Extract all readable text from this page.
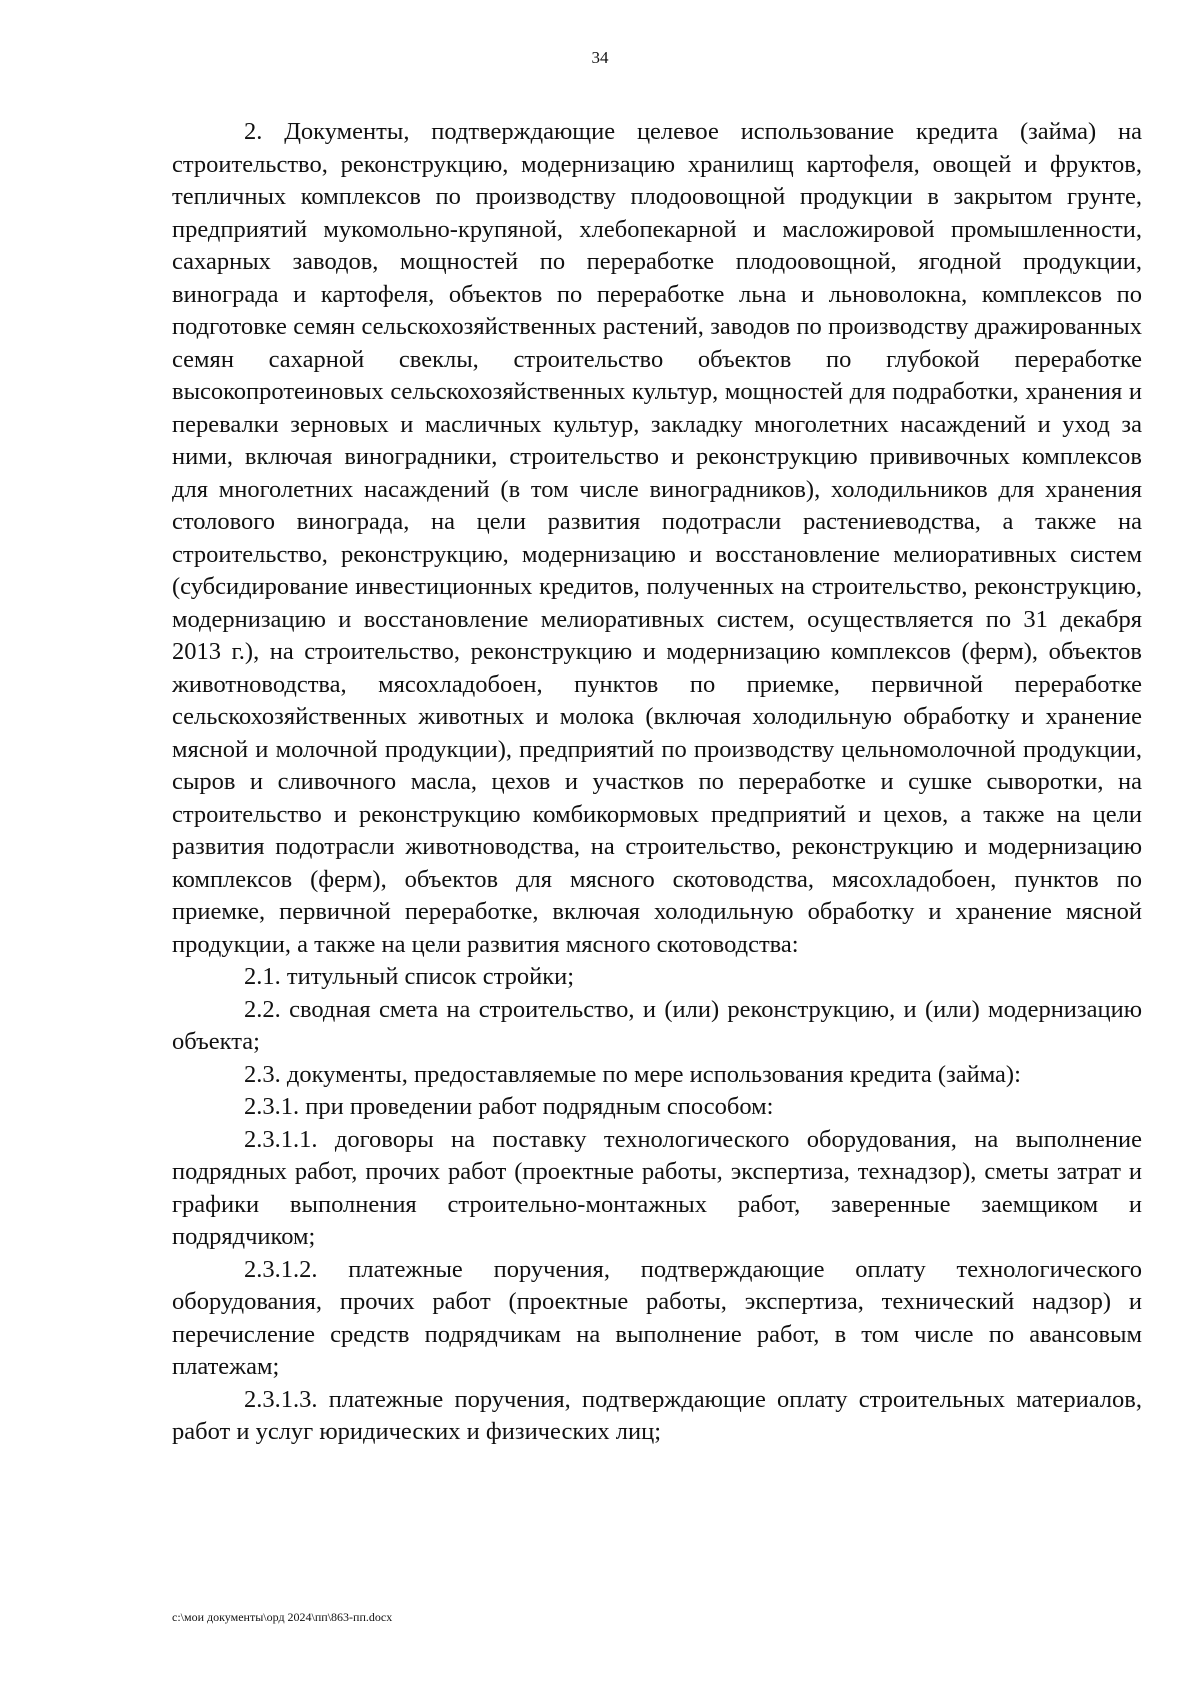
34

2. Документы, подтверждающие целевое использование кредита (займа) на строительство, реконструкцию, модернизацию хранилищ картофеля, овощей и фруктов, тепличных комплексов по производству плодоовощной продукции в закрытом грунте, предприятий мукомольно-крупяной, хлебопекарной и масложировой промышленности, сахарных заводов, мощностей по переработке плодоовощной, ягодной продукции, винограда и картофеля, объектов по переработке льна и льноволокна, комплексов по подготовке семян сельскохозяйственных растений, заводов по производству дражированных семян сахарной свеклы, строительство объектов по глубокой переработке высокопротеиновых сельскохозяйственных культур, мощностей для подработки, хранения и перевалки зерновых и масличных культур, закладку многолетних насаждений и уход за ними, включая виноградники, строительство и реконструкцию прививочных комплексов для многолетних насаждений (в том числе виноградников), холодильников для хранения столового винограда, на цели развития подотрасли растениеводства, а также на строительство, реконструкцию, модернизацию и восстановление мелиоративных систем (субсидирование инвестиционных кредитов, полученных на строительство, реконструкцию, модернизацию и восстановление мелиоративных систем, осуществляется по 31 декабря 2013 г.), на строительство, реконструкцию и модернизацию комплексов (ферм), объектов животноводства, мясохладобоен, пунктов по приемке, первичной переработке сельскохозяйственных животных и молока (включая холодильную обработку и хранение мясной и молочной продукции), предприятий по производству цельномолочной продукции, сыров и сливочного масла, цехов и участков по переработке и сушке сыворотки, на строительство и реконструкцию комбикормовых предприятий и цехов, а также на цели развития подотрасли животноводства, на строительство, реконструкцию и модернизацию комплексов (ферм), объектов для мясного скотоводства, мясохладобоен, пунктов по приемке, первичной переработке, включая холодильную обработку и хранение мясной продукции, а также на цели развития мясного скотоводства:

2.1. титульный список стройки;

2.2. сводная смета на строительство, и (или) реконструкцию, и (или) модернизацию объекта;

2.3. документы, предоставляемые по мере использования кредита (займа):

2.3.1. при проведении работ подрядным способом:

2.3.1.1. договоры на поставку технологического оборудования, на выполнение подрядных работ, прочих работ (проектные работы, экспертиза, технадзор), сметы затрат и графики выполнения строительно-монтажных работ, заверенные заемщиком и подрядчиком;

2.3.1.2. платежные поручения, подтверждающие оплату технологического оборудования, прочих работ (проектные работы, экспертиза, технический надзор) и перечисление средств подрядчикам на выполнение работ, в том числе по авансовым платежам;

2.3.1.3. платежные поручения, подтверждающие оплату строительных материалов, работ и услуг юридических и физических лиц;

c:\мои документы\орд 2024\пп\863-пп.docx
